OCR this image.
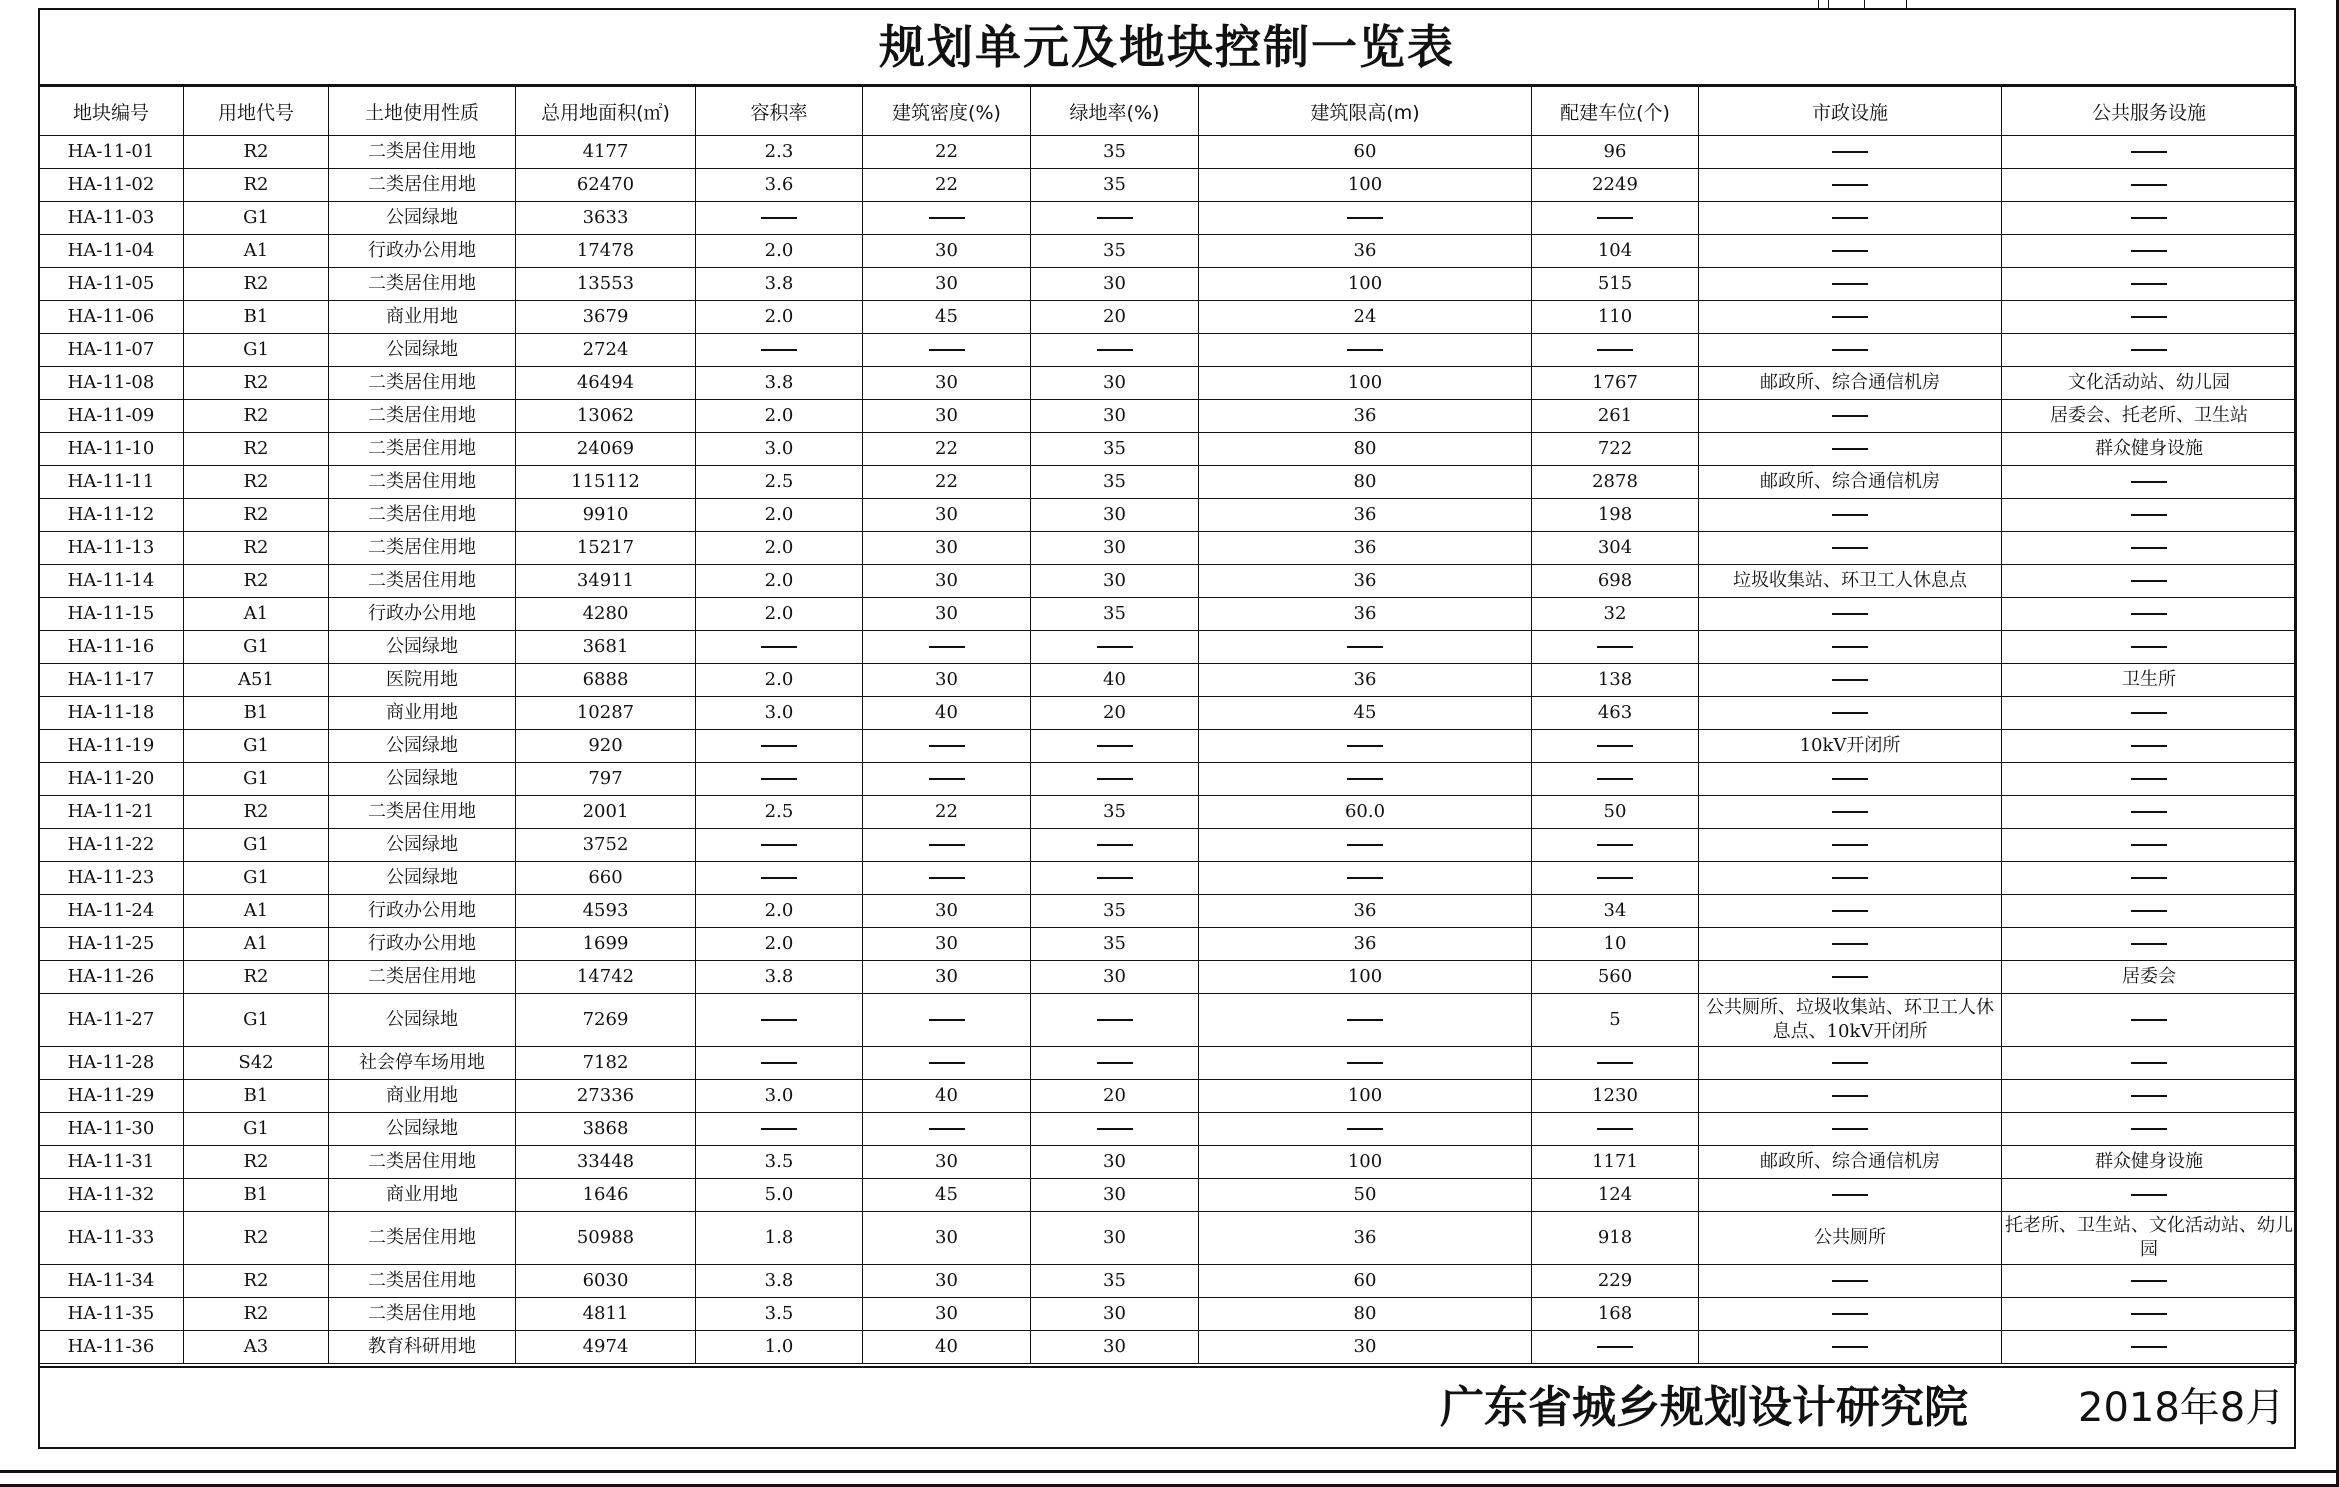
规划单元及地块控制一览表
地块编号	用地代号	土地使用性质	总用地面积(㎡)	容积率	建筑密度(%)	绿地率(%)	建筑限高(m)	配建车位(个)	市政设施	公共服务设施
HA-11-01	R2	二类居住用地	4177	2.3	22	35	60	96		
HA-11-02	R2	二类居住用地	62470	3.6	22	35	100	2249		
HA-11-03	G1	公园绿地	3633							
HA-11-04	A1	行政办公用地	17478	2.0	30	35	36	104		
HA-11-05	R2	二类居住用地	13553	3.8	30	30	100	515		
HA-11-06	B1	商业用地	3679	2.0	45	20	24	110		
HA-11-07	G1	公园绿地	2724							
HA-11-08	R2	二类居住用地	46494	3.8	30	30	100	1767	邮政所、综合通信机房	文化活动站、幼儿园
HA-11-09	R2	二类居住用地	13062	2.0	30	30	36	261		居委会、托老所、卫生站
HA-11-10	R2	二类居住用地	24069	3.0	22	35	80	722		群众健身设施
HA-11-11	R2	二类居住用地	115112	2.5	22	35	80	2878	邮政所、综合通信机房	
HA-11-12	R2	二类居住用地	9910	2.0	30	30	36	198		
HA-11-13	R2	二类居住用地	15217	2.0	30	30	36	304		
HA-11-14	R2	二类居住用地	34911	2.0	30	30	36	698	垃圾收集站、环卫工人休息点	
HA-11-15	A1	行政办公用地	4280	2.0	30	35	36	32		
HA-11-16	G1	公园绿地	3681							
HA-11-17	A51	医院用地	6888	2.0	30	40	36	138		卫生所
HA-11-18	B1	商业用地	10287	3.0	40	20	45	463		
HA-11-19	G1	公园绿地	920						10kV开闭所	
HA-11-20	G1	公园绿地	797							
HA-11-21	R2	二类居住用地	2001	2.5	22	35	60.0	50		
HA-11-22	G1	公园绿地	3752							
HA-11-23	G1	公园绿地	660							
HA-11-24	A1	行政办公用地	4593	2.0	30	35	36	34		
HA-11-25	A1	行政办公用地	1699	2.0	30	35	36	10		
HA-11-26	R2	二类居住用地	14742	3.8	30	30	100	560		居委会
HA-11-27	G1	公园绿地	7269					5	公共厕所、垃圾收集站、环卫工人休息点、10kV开闭所	
HA-11-28	S42	社会停车场用地	7182							
HA-11-29	B1	商业用地	27336	3.0	40	20	100	1230		
HA-11-30	G1	公园绿地	3868							
HA-11-31	R2	二类居住用地	33448	3.5	30	30	100	1171	邮政所、综合通信机房	群众健身设施
HA-11-32	B1	商业用地	1646	5.0	45	30	50	124		
HA-11-33	R2	二类居住用地	50988	1.8	30	30	36	918	公共厕所	托老所、卫生站、文化活动站、幼儿园
HA-11-34	R2	二类居住用地	6030	3.8	30	35	60	229		
HA-11-35	R2	二类居住用地	4811	3.5	30	30	80	168		
HA-11-36	A3	教育科研用地	4974	1.0	40	30	30			
广东省城乡规划设计研究院	2018年8月
